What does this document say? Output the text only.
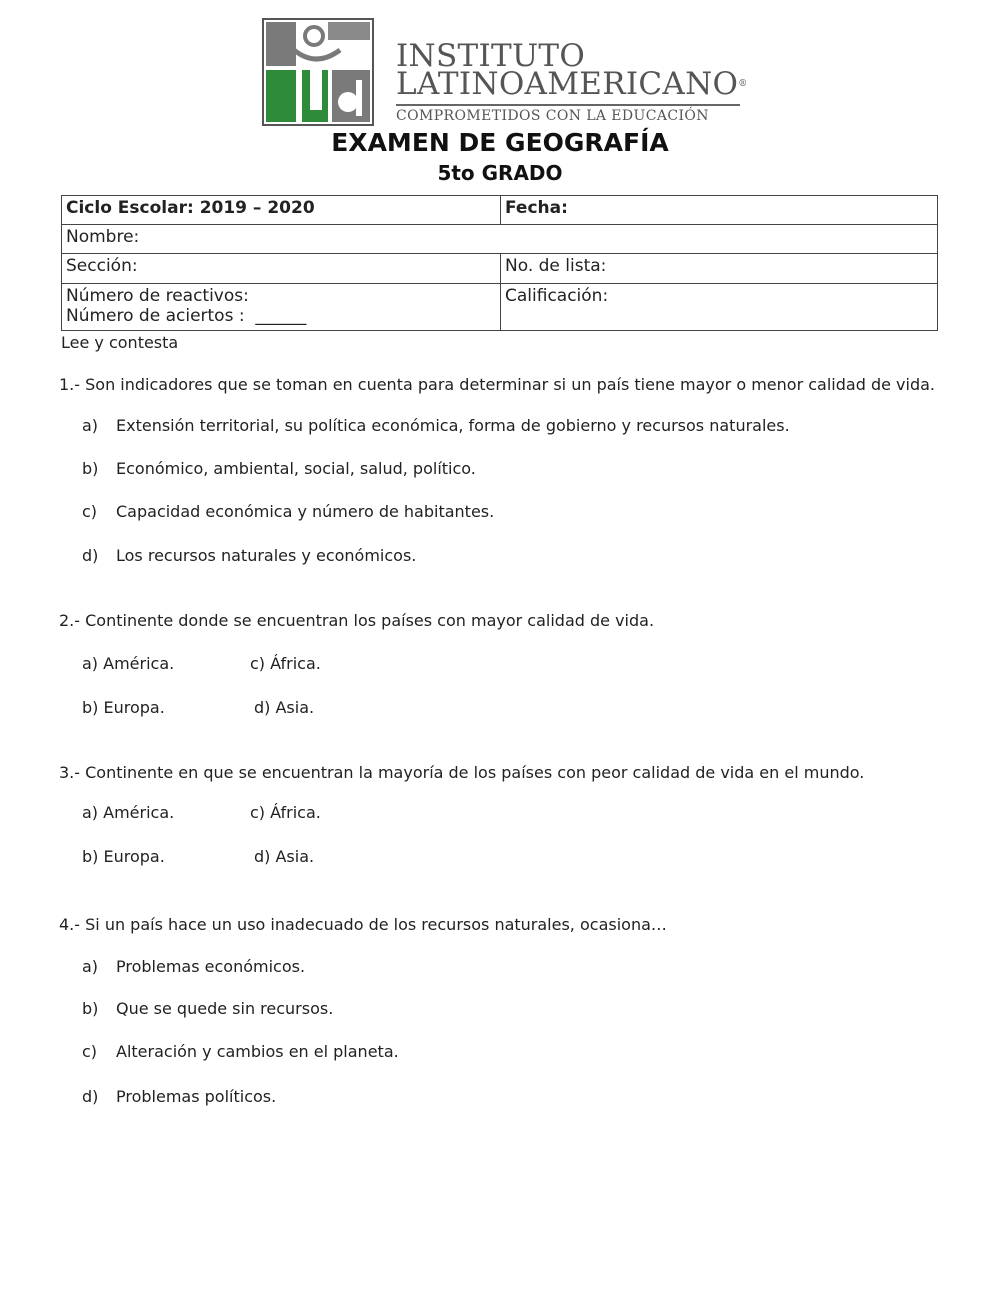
INSTITUTO
LATINOAMERICANO®
COMPROMETIDOS CON LA EDUCACIÓN
EXAMEN DE GEOGRAFÍA
5to GRADO
Ciclo Escolar: 2019 – 2020	Fecha:
Nombre:	
Sección:	No. de lista:

Número de reactivos:
Número de aciertos :  ______	Calificación:
Lee y contesta
1.- Son indicadores que se toman en cuenta para determinar si un país tiene mayor o menor calidad de vida.
a) Extensión territorial, su política económica, forma de gobierno y recursos naturales.
b) Económico, ambiental, social, salud, político.
c) Capacidad económica y número de habitantes.
d) Los recursos naturales y económicos.
2.- Continente donde se encuentran los países con mayor calidad de vida.
a) América.	c) África.
b) Europa.	d) Asia.
3.- Continente en que se encuentran la mayoría de los países con peor calidad de vida en el mundo.
a) América.	c) África.
b) Europa.	d) Asia.
4.- Si un país hace un uso inadecuado de los recursos naturales, ocasiona…
a) Problemas económicos.
b) Que se quede sin recursos.
c) Alteración y cambios en el planeta.
d) Problemas políticos.
